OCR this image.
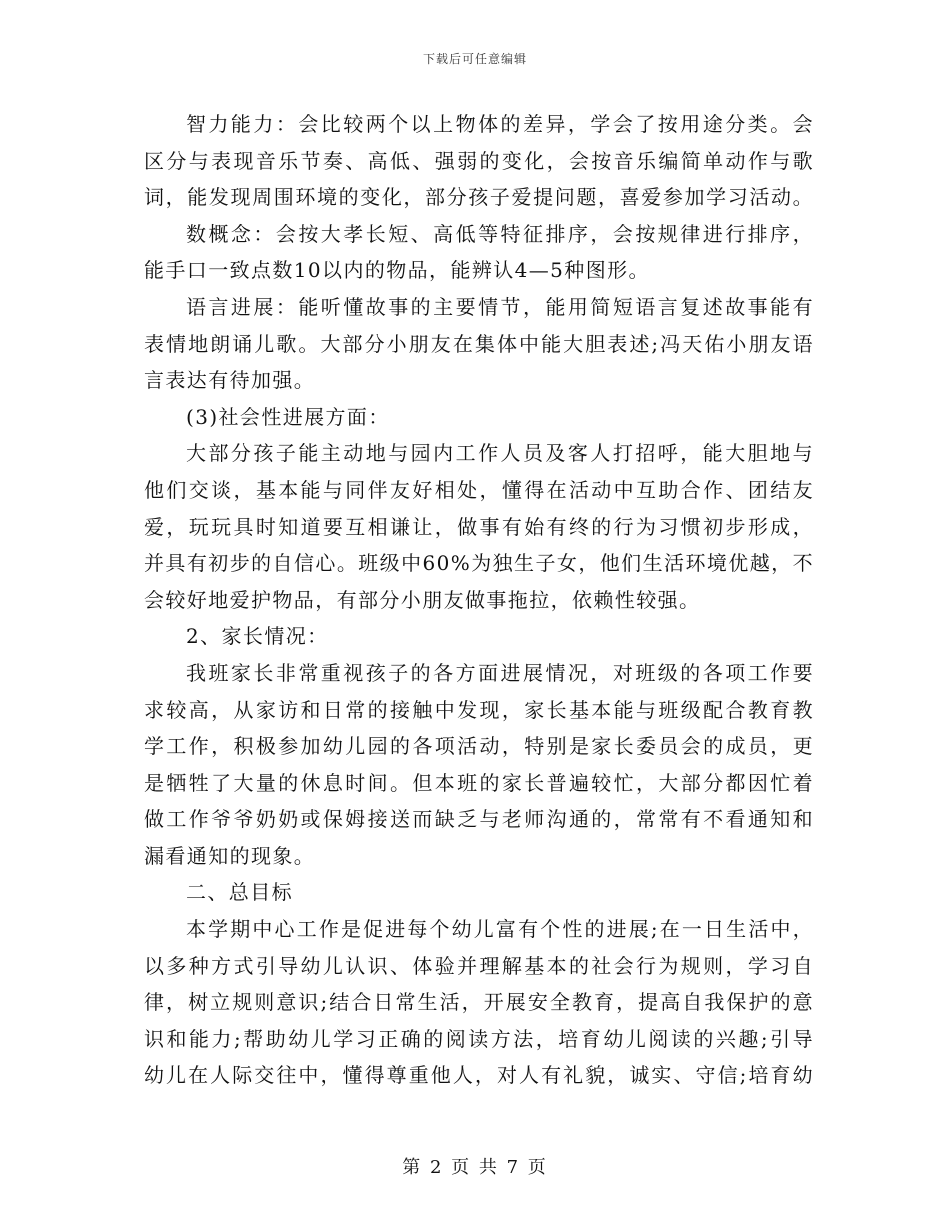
下载后可任意编辑
智力能力：会比较两个以上物体的差异，学会了按用途分类。会
区分与表现音乐节奏、高低、强弱的变化，会按音乐编简单动作与歌
词，能发现周围环境的变化，部分孩子爱提问题，喜爱参加学习活动。
数概念：会按大孝长短、高低等特征排序，会按规律进行排序，
能手口一致点数10以内的物品，能辨认4—5种图形。
语言进展：能听懂故事的主要情节，能用简短语言复述故事能有
表情地朗诵儿歌。大部分小朋友在集体中能大胆表述;冯天佑小朋友语
言表达有待加强。
(3)社会性进展方面：
大部分孩子能主动地与园内工作人员及客人打招呼，能大胆地与
他们交谈，基本能与同伴友好相处，懂得在活动中互助合作、团结友
爱，玩玩具时知道要互相谦让，做事有始有终的行为习惯初步形成，
并具有初步的自信心。班级中60%为独生子女，他们生活环境优越，不
会较好地爱护物品，有部分小朋友做事拖拉，依赖性较强。
2、家长情况：
我班家长非常重视孩子的各方面进展情况，对班级的各项工作要
求较高，从家访和日常的接触中发现，家长基本能与班级配合教育教
学工作，积极参加幼儿园的各项活动，特别是家长委员会的成员，更
是牺牲了大量的休息时间。但本班的家长普遍较忙，大部分都因忙着
做工作爷爷奶奶或保姆接送而缺乏与老师沟通的，常常有不看通知和
漏看通知的现象。
二、总目标
本学期中心工作是促进每个幼儿富有个性的进展;在一日生活中，
以多种方式引导幼儿认识、体验并理解基本的社会行为规则，学习自
律，树立规则意识;结合日常生活，开展安全教育，提高自我保护的意
识和能力;帮助幼儿学习正确的阅读方法，培育幼儿阅读的兴趣;引导
幼儿在人际交往中，懂得尊重他人，对人有礼貌，诚实、守信;培育幼
第 2 页 共 7 页
